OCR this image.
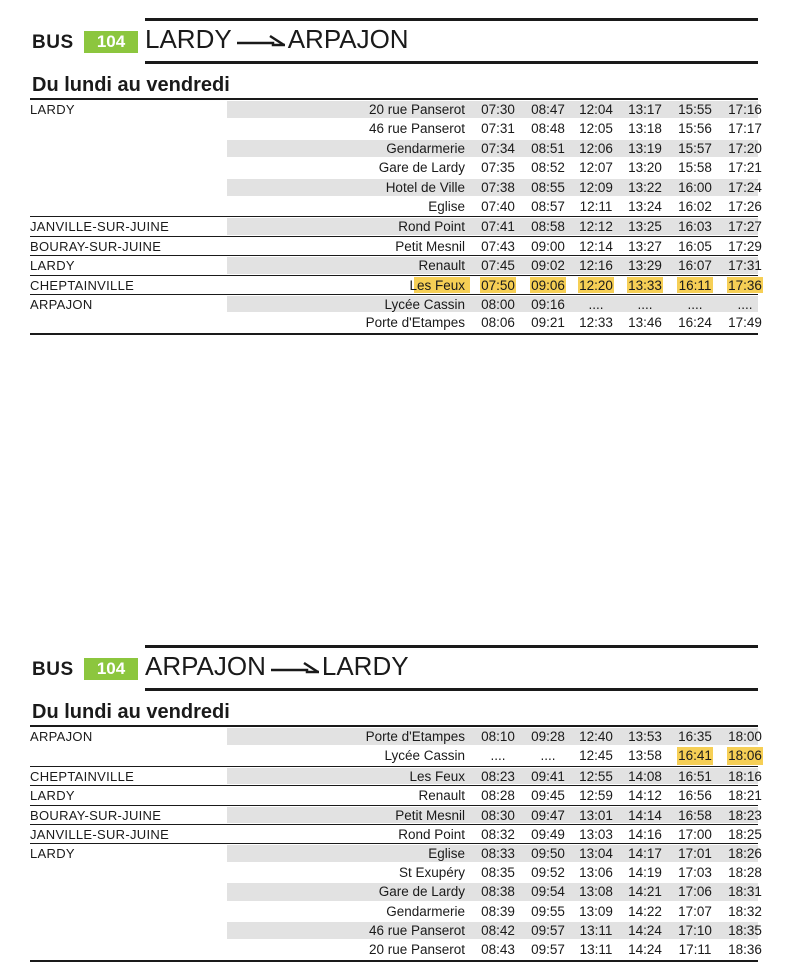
BUS	104 LARDY ARPAJON
Du lundi au vendredi
LARDY	20 rue Panserot 07:30 08:47 12:04 13:17 15:55 17:16
46 rue Panserot 07:31 08:48 12:05 13:18 15:56 17:17
Gendarmerie 07:34 08:51 12:06 13:19 15:57 17:20
Gare de Lardy 07:35 08:52 12:07 13:20 15:58 17:21
Hotel de Ville 07:38 08:55 12:09 13:22 16:00 17:24
Eglise 07:40 08:57 12:11 13:24 16:02 17:26
JANVILLE-SUR-JUINE	Rond Point 07:41 08:58 12:12 13:25 16:03 17:27
BOURAY-SUR-JUINE	Petit Mesnil 07:43 09:00 12:14 13:27 16:05 17:29
LARDY	Renault 07:45 09:02 12:16 13:29 16:07 17:31
CHEPTAINVILLE	Les Feux 07:50 09:06 12:20 13:33 16:11 17:36
ARPAJON	Lycée Cassin 08:00 09:16	....	....	....	....
Porte d'Etampes 08:06 09:21 12:33 13:46 16:24 17:49
BUS	104 ARPAJON LARDY
Du lundi au vendredi
ARPAJON	Porte d'Etampes 08:10 09:28 12:40 13:53 16:35 18:00
Lycée Cassin	....	....	12:45 13:58 16:41 18:06
CHEPTAINVILLE	Les Feux 08:23 09:41 12:55 14:08 16:51 18:16
LARDY	Renault 08:28 09:45 12:59 14:12 16:56 18:21
BOURAY-SUR-JUINE	Petit Mesnil 08:30 09:47 13:01 14:14 16:58 18:23
JANVILLE-SUR-JUINE	Rond Point 08:32 09:49 13:03 14:16 17:00 18:25
LARDY	Eglise 08:33 09:50 13:04 14:17 17:01 18:26
St Exupéry 08:35 09:52 13:06 14:19 17:03 18:28
Gare de Lardy 08:38 09:54 13:08 14:21 17:06 18:31
Gendarmerie 08:39 09:55 13:09 14:22 17:07 18:32
46 rue Panserot 08:42 09:57 13:11 14:24 17:10 18:35
20 rue Panserot 08:43 09:57 13:11 14:24 17:11 18:36
